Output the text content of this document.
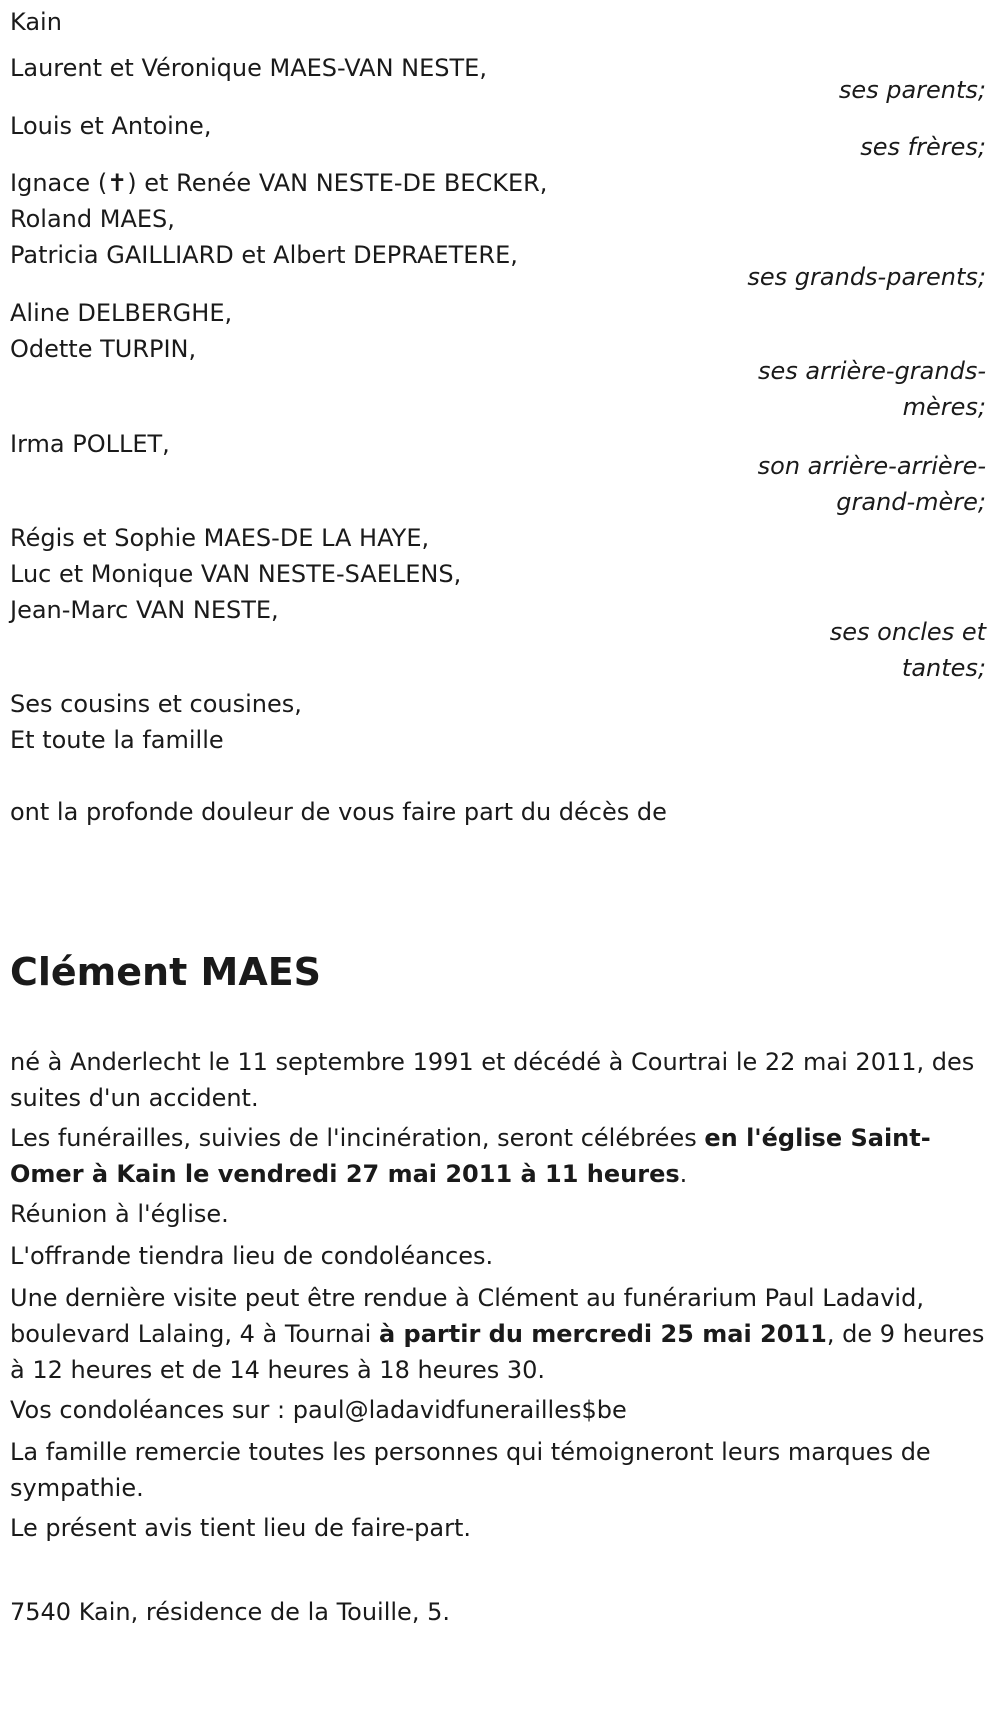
Kain
Laurent et Véronique MAES-VAN NESTE,
ses parents;
Louis et Antoine,
ses frères;
Ignace (✝) et Renée VAN NESTE-DE BECKER,
Roland MAES,
Patricia GAILLIARD et Albert DEPRAETERE,
ses grands-parents;
Aline DELBERGHE,
Odette TURPIN,
ses arrière-grands-
mères;
Irma POLLET,
son arrière-arrière-
grand-mère;
Régis et Sophie MAES-DE LA HAYE,
Luc et Monique VAN NESTE-SAELENS,
Jean-Marc VAN NESTE,
ses oncles et
tantes;
Ses cousins et cousines,
Et toute la famille
ont la profonde douleur de vous faire part du décès de
Clément MAES
né à Anderlecht le 11 septembre 1991 et décédé à Courtrai le 22 mai 2011, des suites d'un accident.
Les funérailles, suivies de l'incinération, seront célébrées en l'église Saint-Omer à Kain le vendredi 27 mai 2011 à 11 heures.
Réunion à l'église.
L'offrande tiendra lieu de condoléances.
Une dernière visite peut être rendue à Clément au funérarium Paul Ladavid, boulevard Lalaing, 4 à Tournai à partir du mercredi 25 mai 2011, de 9 heures à 12 heures et de 14 heures à 18 heures 30.
Vos condoléances sur : paul@ladavidfunerailles$be
La famille remercie toutes les personnes qui témoigneront leurs marques de sympathie.
Le présent avis tient lieu de faire-part.
7540 Kain, résidence de la Touille, 5.
